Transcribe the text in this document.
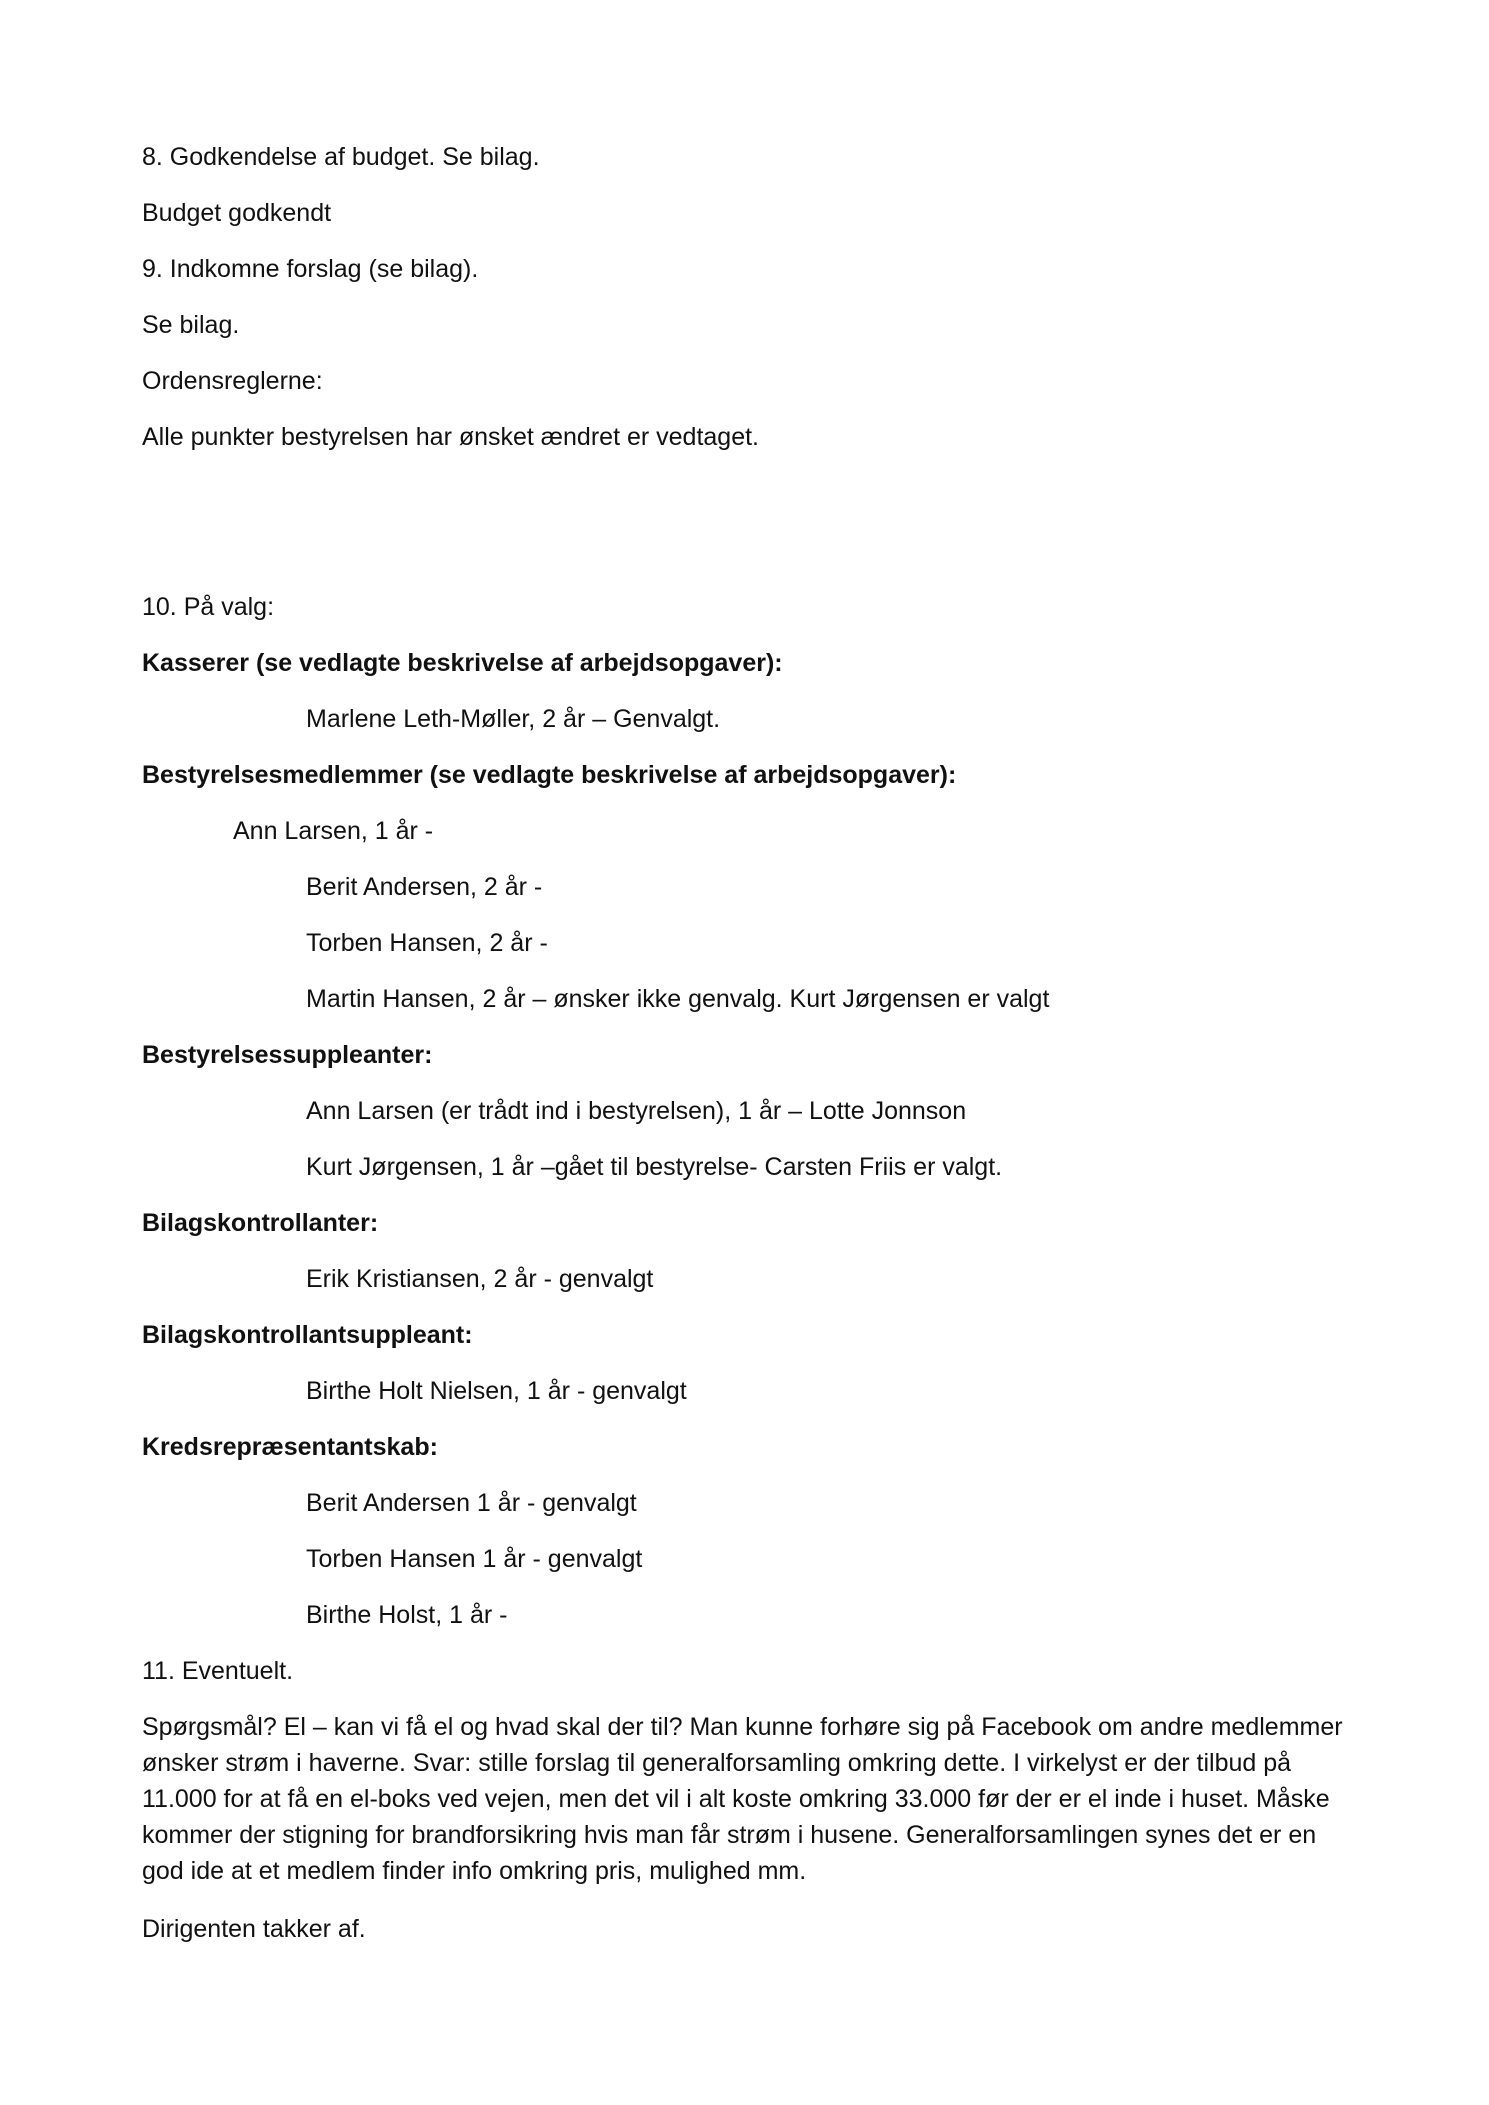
8. Godkendelse af budget. Se bilag.

Budget godkendt

9. Indkomne forslag (se bilag).

Se bilag.

Ordensreglerne:

Alle punkter bestyrelsen har ønsket ændret er vedtaget.

10. På valg:

Kasserer (se vedlagte beskrivelse af arbejdsopgaver):

Marlene Leth-Møller, 2 år – Genvalgt.

Bestyrelsesmedlemmer (se vedlagte beskrivelse af arbejdsopgaver):

Ann Larsen, 1 år -

Berit Andersen, 2 år -

Torben Hansen, 2 år -

Martin Hansen, 2 år – ønsker ikke genvalg. Kurt Jørgensen er valgt

Bestyrelsessuppleanter:

Ann Larsen (er trådt ind i bestyrelsen), 1 år – Lotte Jonnson

Kurt Jørgensen, 1 år –gået til bestyrelse- Carsten Friis er valgt.

Bilagskontrollanter:

Erik Kristiansen, 2 år - genvalgt

Bilagskontrollantsuppleant:

Birthe Holt Nielsen, 1 år - genvalgt

Kredsrepræsentantskab:

Berit Andersen 1 år - genvalgt

Torben Hansen 1 år - genvalgt

Birthe Holst, 1 år -

11. Eventuelt.

Spørgsmål? El – kan vi få el og hvad skal der til? Man kunne forhøre sig på Facebook om andre medlemmer ønsker strøm i haverne. Svar: stille forslag til generalforsamling omkring dette. I virkelyst er der tilbud på 11.000 for at få en el-boks ved vejen, men det vil i alt koste omkring 33.000 før der er el inde i huset. Måske kommer der stigning for brandforsikring hvis man får strøm i husene. Generalforsamlingen synes det er en god ide at et medlem finder info omkring pris, mulighed mm.

Dirigenten takker af.
